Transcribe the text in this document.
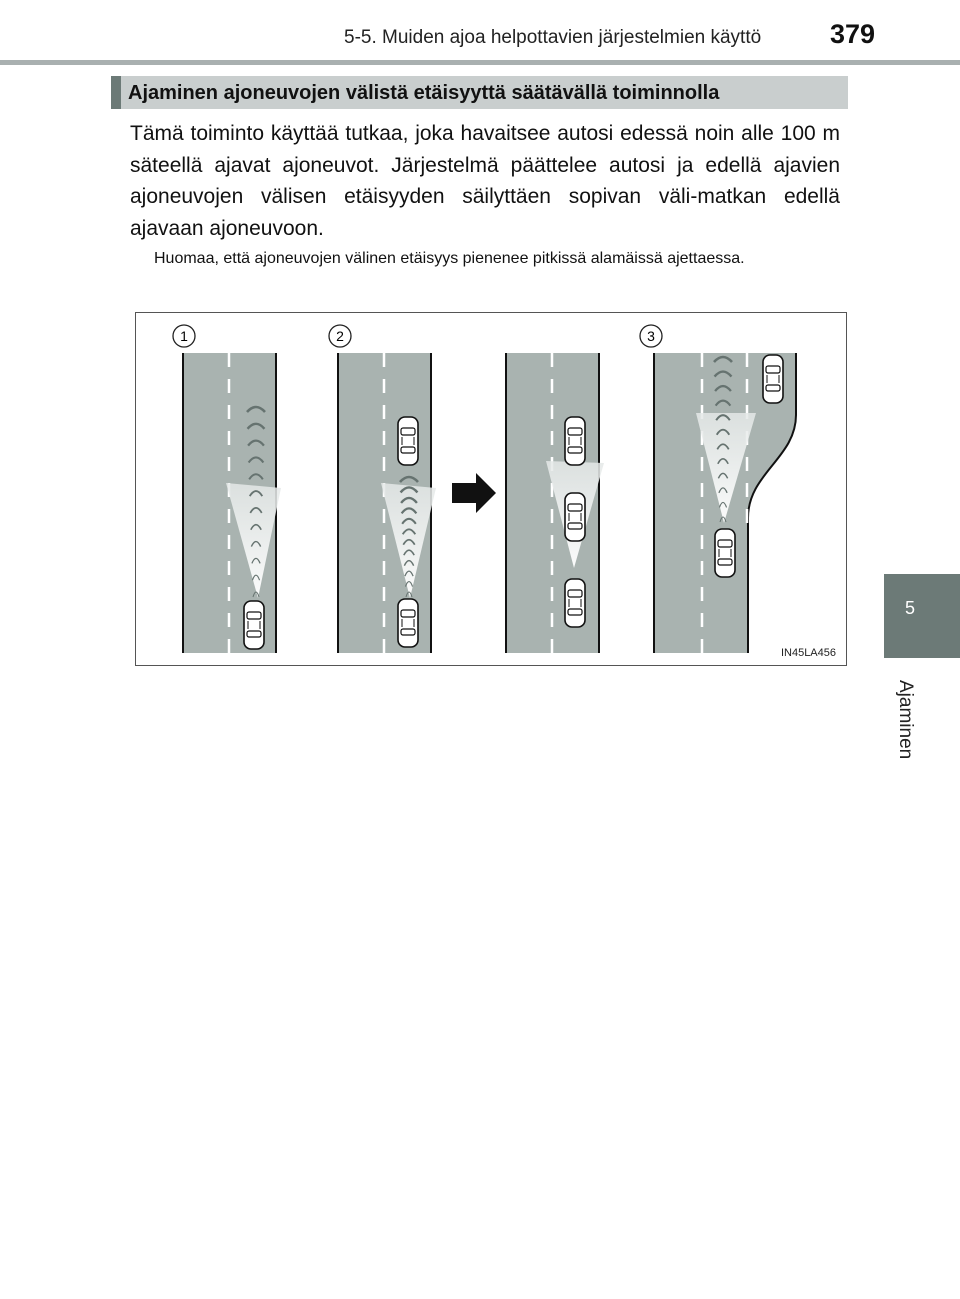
5-5. Muiden ajoa helpottavien järjestelmien käyttö	379
5
Ajaminen
Ajaminen ajoneuvojen välistä etäisyyttä säätävällä toiminnolla

Tämä toiminto käyttää tutkaa, joka havaitsee autosi edessä noin alle 100 m säteellä ajavat ajoneuvot. Järjestelmä päättelee autosi ja edellä ajavien ajoneuvojen välisen etäisyyden säilyttäen sopivan väli-matkan edellä ajavaan ajoneuvoon.

Huomaa, että ajoneuvojen välinen etäisyys pienenee pitkissä alamäissä ajettaessa.

1	2	3
IN45LA456
